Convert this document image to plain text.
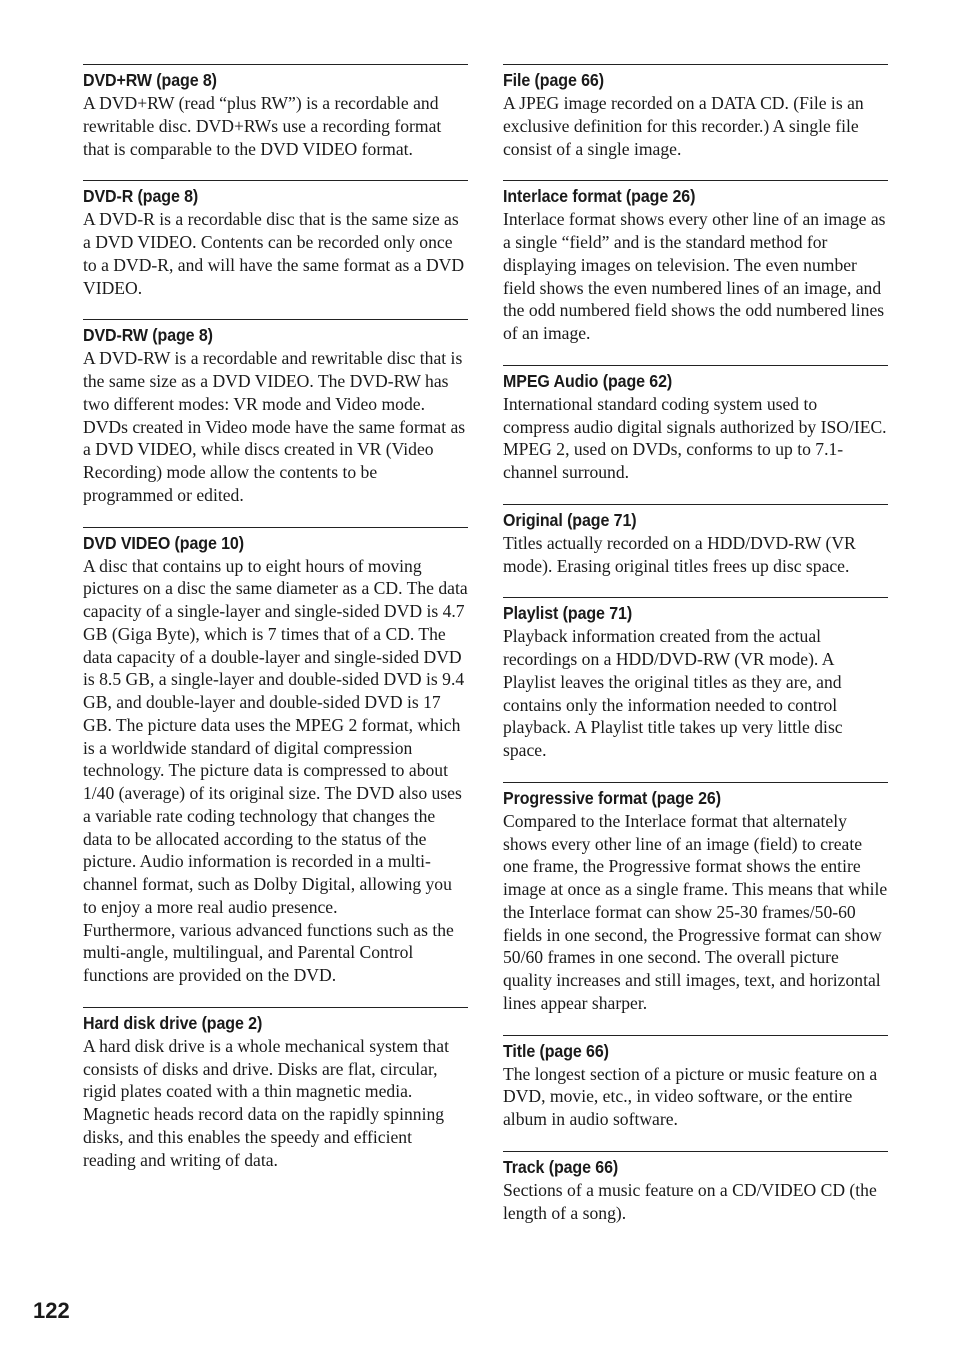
DVD+RW (page 8)

A DVD+RW (read “plus RW”) is a recordable and rewritable disc. DVD+RWs use a recording format that is comparable to the DVD VIDEO format.

DVD-R (page 8)

A DVD-R is a recordable disc that is the same size as a DVD VIDEO. Contents can be recorded only once to a DVD-R, and will have the same format as a DVD VIDEO.

DVD-RW (page 8)

A DVD-RW is a recordable and rewritable disc that is the same size as a DVD VIDEO. The DVD-RW has two different modes: VR mode and Video mode. DVDs created in Video mode have the same format as a DVD VIDEO, while discs created in VR (Video Recording) mode allow the contents to be programmed or edited.

DVD VIDEO (page 10)

A disc that contains up to eight hours of moving pictures on a disc the same diameter as a CD. The data capacity of a single-layer and single-sided DVD is 4.7 GB (Giga Byte), which is 7 times that of a CD. The data capacity of a double-layer and single-sided DVD is 8.5 GB, a single-layer and double-sided DVD is 9.4 GB, and double-layer and double-sided DVD is 17 GB. The picture data uses the MPEG 2 format, which is a worldwide standard of digital compression technology. The picture data is compressed to about 1/40 (average) of its original size. The DVD also uses a variable rate coding technology that changes the data to be allocated according to the status of the picture. Audio information is recorded in a multi-channel format, such as Dolby Digital, allowing you to enjoy a more real audio presence.

Furthermore, various advanced functions such as the multi-angle, multilingual, and Parental Control functions are provided on the DVD.

Hard disk drive (page 2)

A hard disk drive is a whole mechanical system that consists of disks and drive. Disks are flat, circular, rigid plates coated with a thin magnetic media. Magnetic heads record data on the rapidly spinning disks, and this enables the speedy and efficient reading and writing of data.

File (page 66)

A JPEG image recorded on a DATA CD. (File is an exclusive definition for this recorder.) A single file consist of a single image.

Interlace format (page 26)

Interlace format shows every other line of an image as a single “field” and is the standard method for displaying images on television. The even number field shows the even numbered lines of an image, and the odd numbered field shows the odd numbered lines of an image.

MPEG Audio (page 62)

International standard coding system used to compress audio digital signals authorized by ISO/IEC. MPEG 2, used on DVDs, conforms to up to 7.1-channel surround.

Original (page 71)

Titles actually recorded on a HDD/DVD-RW (VR mode). Erasing original titles frees up disc space.

Playlist (page 71)

Playback information created from the actual recordings on a HDD/DVD-RW (VR mode). A Playlist leaves the original titles as they are, and contains only the information needed to control playback. A Playlist title takes up very little disc space.

Progressive format (page 26)

Compared to the Interlace format that alternately shows every other line of an image (field) to create one frame, the Progressive format shows the entire image at once as a single frame. This means that while the Interlace format can show 25-30 frames/50-60 fields in one second, the Progressive format can show 50/60 frames in one second. The overall picture quality increases and still images, text, and horizontal lines appear sharper.

Title (page 66)

The longest section of a picture or music feature on a DVD, movie, etc., in video software, or the entire album in audio software.

Track (page 66)

Sections of a music feature on a CD/VIDEO CD (the length of a song).

122
